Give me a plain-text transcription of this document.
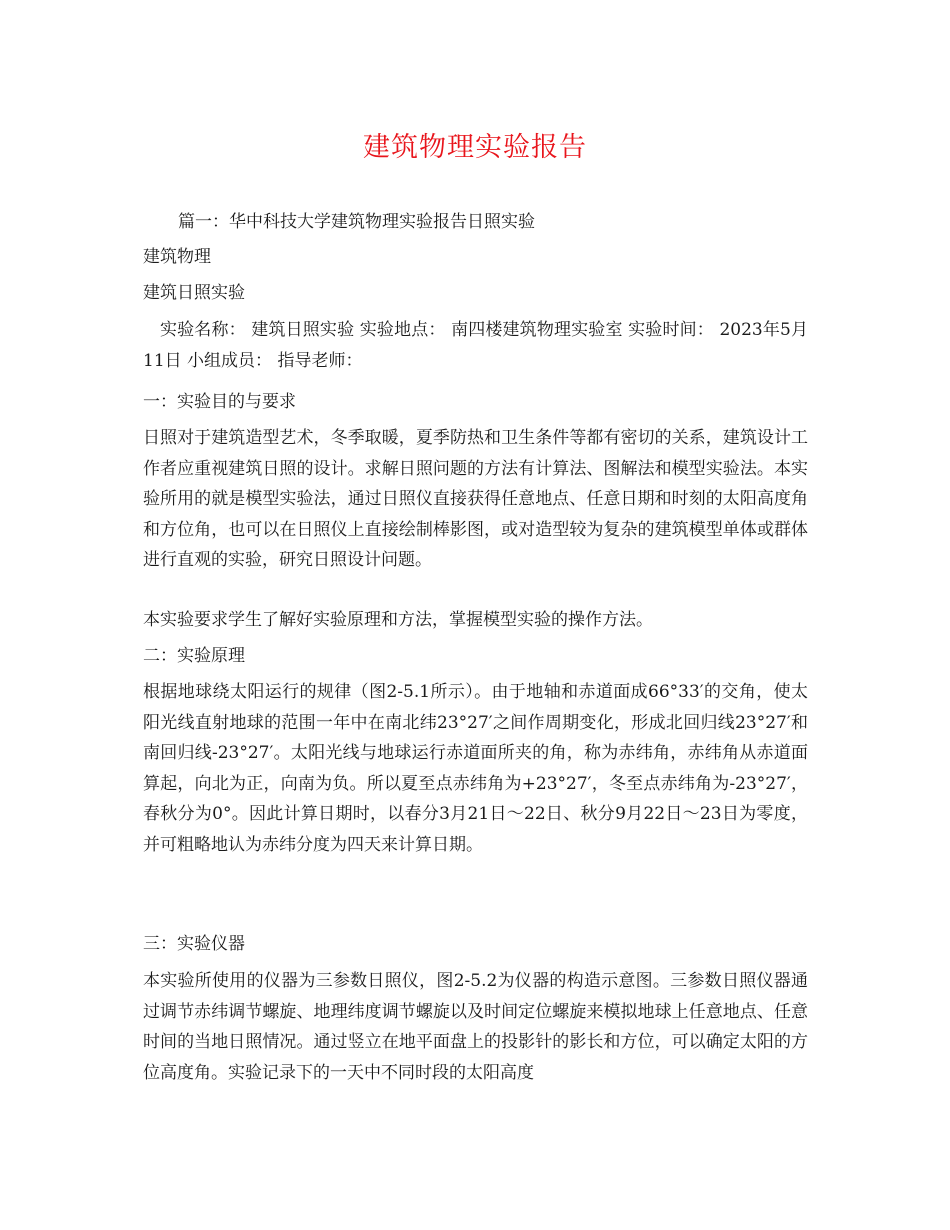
建筑物理实验报告
篇一：华中科技大学建筑物理实验报告日照实验
建筑物理
建筑日照实验
实验名称： 建筑日照实验 实验地点： 南四楼建筑物理实验室 实验时间： 2023年5月11日 小组成员： 指导老师：
一：实验目的与要求
日照对于建筑造型艺术，冬季取暖，夏季防热和卫生条件等都有密切的关系，建筑设计工作者应重视建筑日照的设计。求解日照问题的方法有计算法、图解法和模型实验法。本实验所用的就是模型实验法，通过日照仪直接获得任意地点、任意日期和时刻的太阳高度角和方位角，也可以在日照仪上直接绘制棒影图，或对造型较为复杂的建筑模型单体或群体进行直观的实验，研究日照设计问题。
本实验要求学生了解好实验原理和方法，掌握模型实验的操作方法。
二：实验原理
根据地球绕太阳运行的规律（图2-5.1所示）。由于地轴和赤道面成66°33′的交角，使太阳光线直射地球的范围一年中在南北纬23°27′之间作周期变化，形成北回归线23°27′和南回归线-23°27′。太阳光线与地球运行赤道面所夹的角，称为赤纬角，赤纬角从赤道面算起，向北为正，向南为负。所以夏至点赤纬角为+23°27′，冬至点赤纬角为-23°27′，春秋分为0°。因此计算日期时，以春分3月21日～22日、秋分9月22日～23日为零度，并可粗略地认为赤纬分度为四天来计算日期。
三：实验仪器
本实验所使用的仪器为三参数日照仪，图2-5.2为仪器的构造示意图。三参数日照仪器通过调节赤纬调节螺旋、地理纬度调节螺旋以及时间定位螺旋来模拟地球上任意地点、任意时间的当地日照情况。通过竖立在地平面盘上的投影针的影长和方位，可以确定太阳的方位高度角。实验记录下的一天中不同时段的太阳高度
